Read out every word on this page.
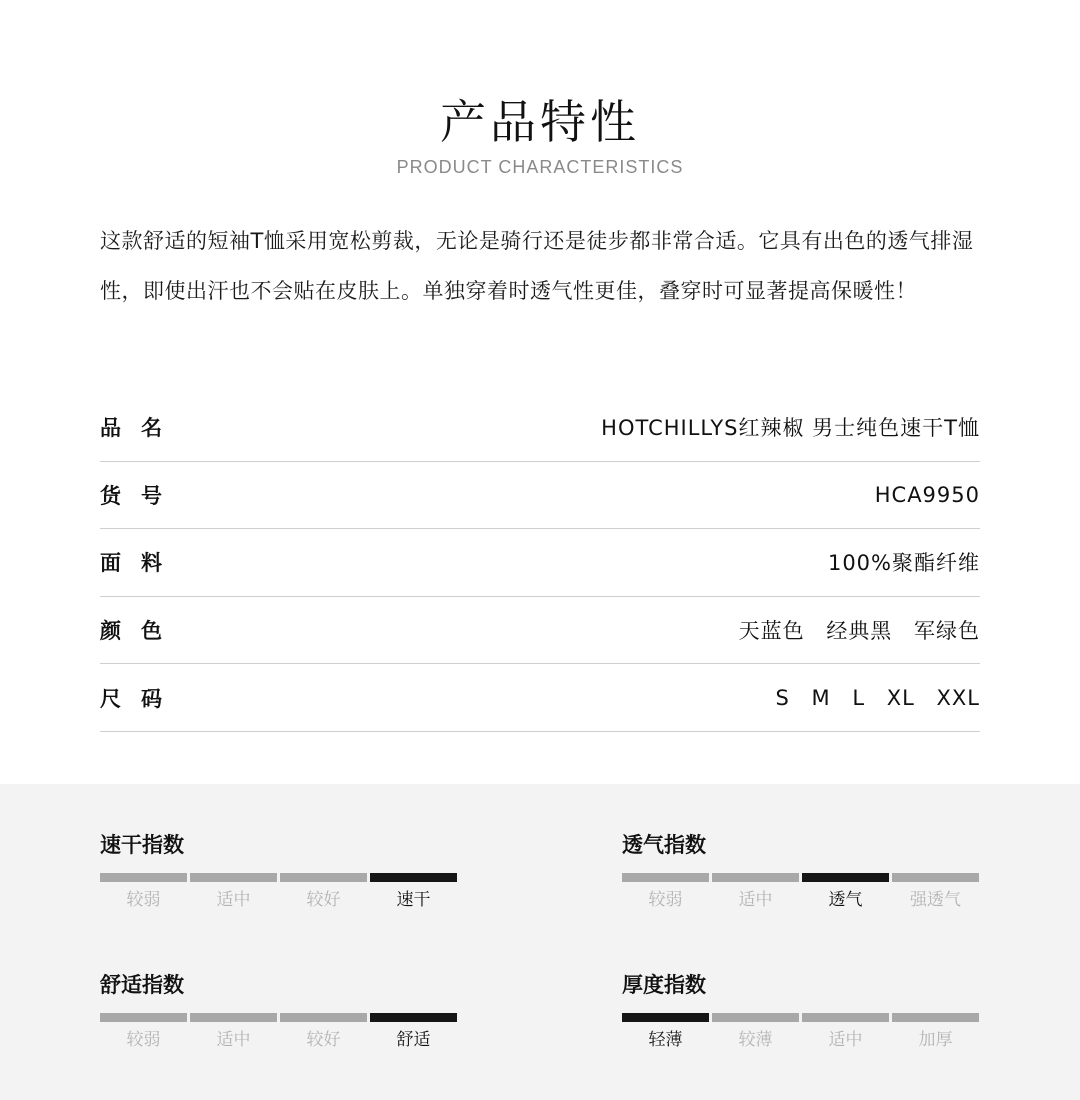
产品特性
PRODUCT CHARACTERISTICS

这款舒适的短袖T恤采用宽松剪裁，无论是骑行还是徒步都非常合适。它具有出色的透气排湿性，即使出汗也不会贴在皮肤上。单独穿着时透气性更佳，叠穿时可显著提高保暖性！

品名	HOTCHILLYS红辣椒 男士纯色速干T恤
货号	HCA9950
面料	100%聚酯纤维
颜色	天蓝色 经典黑 军绿色
尺码	S M L XL XXL
速干指数
较弱	适中	较好	速干
透气指数
较弱	适中	透气	强透气
舒适指数
较弱	适中	较好	舒适
厚度指数
轻薄	较薄	适中	加厚
